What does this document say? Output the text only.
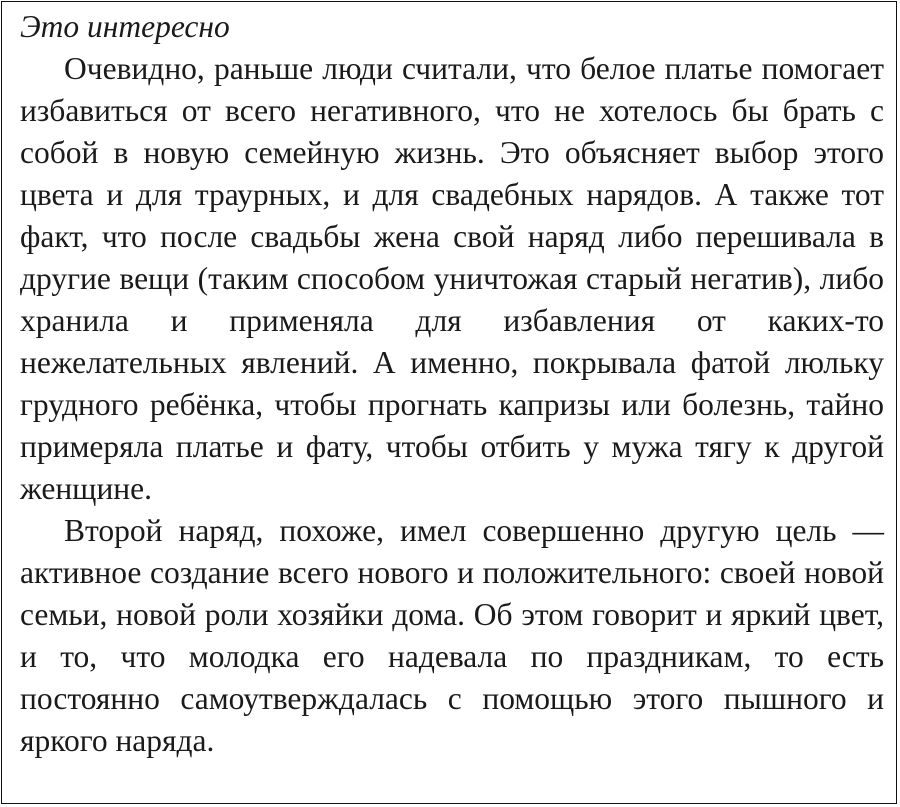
Это интересно

Очевидно, раньше люди считали, что белое платье помогает избавиться от всего негативного, что не хотелось бы брать с собой в новую семейную жизнь. Это объясняет выбор этого цвета и для траурных, и для свадебных нарядов. А также тот факт, что после свадьбы жена свой наряд либо перешивала в другие вещи (таким способом уничтожая старый негатив), либо хранила и применяла для избавления от каких-то нежелательных явлений. А именно, покрывала фатой люльку грудного ребёнка, чтобы прогнать капризы или болезнь, тайно примеряла платье и фату, чтобы отбить у мужа тягу к другой женщине.

Второй наряд, похоже, имел совершенно другую цель — активное создание всего нового и положительного: своей новой семьи, новой роли хозяйки дома. Об этом говорит и яркий цвет, и то, что молодка его надевала по праздникам, то есть постоянно самоутверждалась с помощью этого пышного и яркого наряда.
